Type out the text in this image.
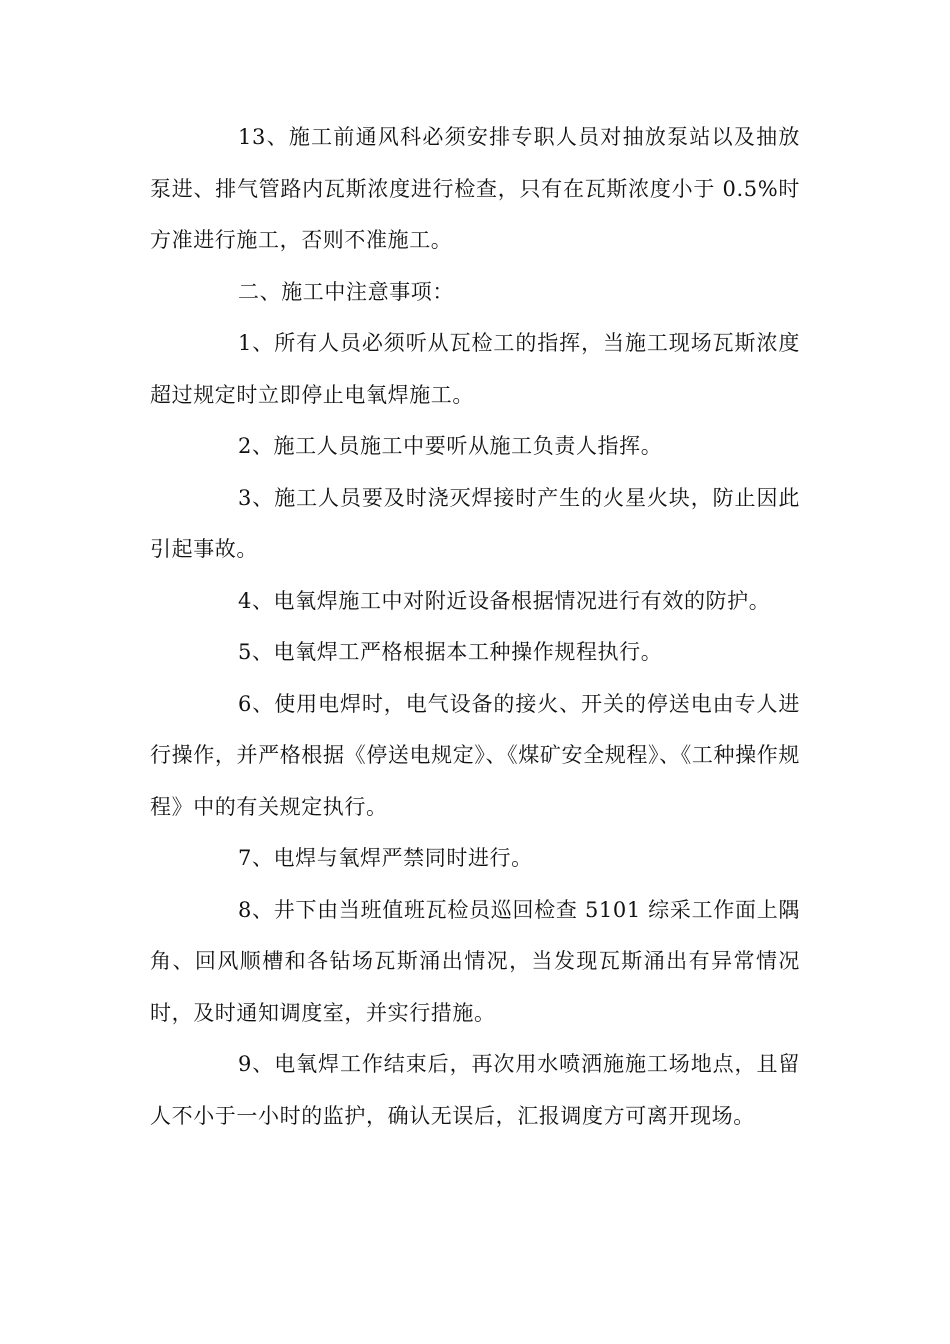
13、施工前通风科必须安排专职人员对抽放泵站以及抽放泵进、排气管路内瓦斯浓度进行检查，只有在瓦斯浓度小于 0.5%时方准进行施工，否则不准施工。

二、施工中注意事项：

1、所有人员必须听从瓦检工的指挥，当施工现场瓦斯浓度超过规定时立即停止电氧焊施工。

2、施工人员施工中要听从施工负责人指挥。

3、施工人员要及时浇灭焊接时产生的火星火块，防止因此引起事故。

4、电氧焊施工中对附近设备根据情况进行有效的防护。

5、电氧焊工严格根据本工种操作规程执行。

6、使用电焊时，电气设备的接火、开关的停送电由专人进行操作，并严格根据《停送电规定》、《煤矿安全规程》、《工种操作规程》中的有关规定执行。

7、电焊与氧焊严禁同时进行。

8、井下由当班值班瓦检员巡回检查 5101 综采工作面上隅角、回风顺槽和各钻场瓦斯涌出情况，当发现瓦斯涌出有异常情况时，及时通知调度室，并实行措施。

9、电氧焊工作结束后，再次用水喷洒施施工场地点，且留人不小于一小时的监护，确认无误后，汇报调度方可离开现场。
